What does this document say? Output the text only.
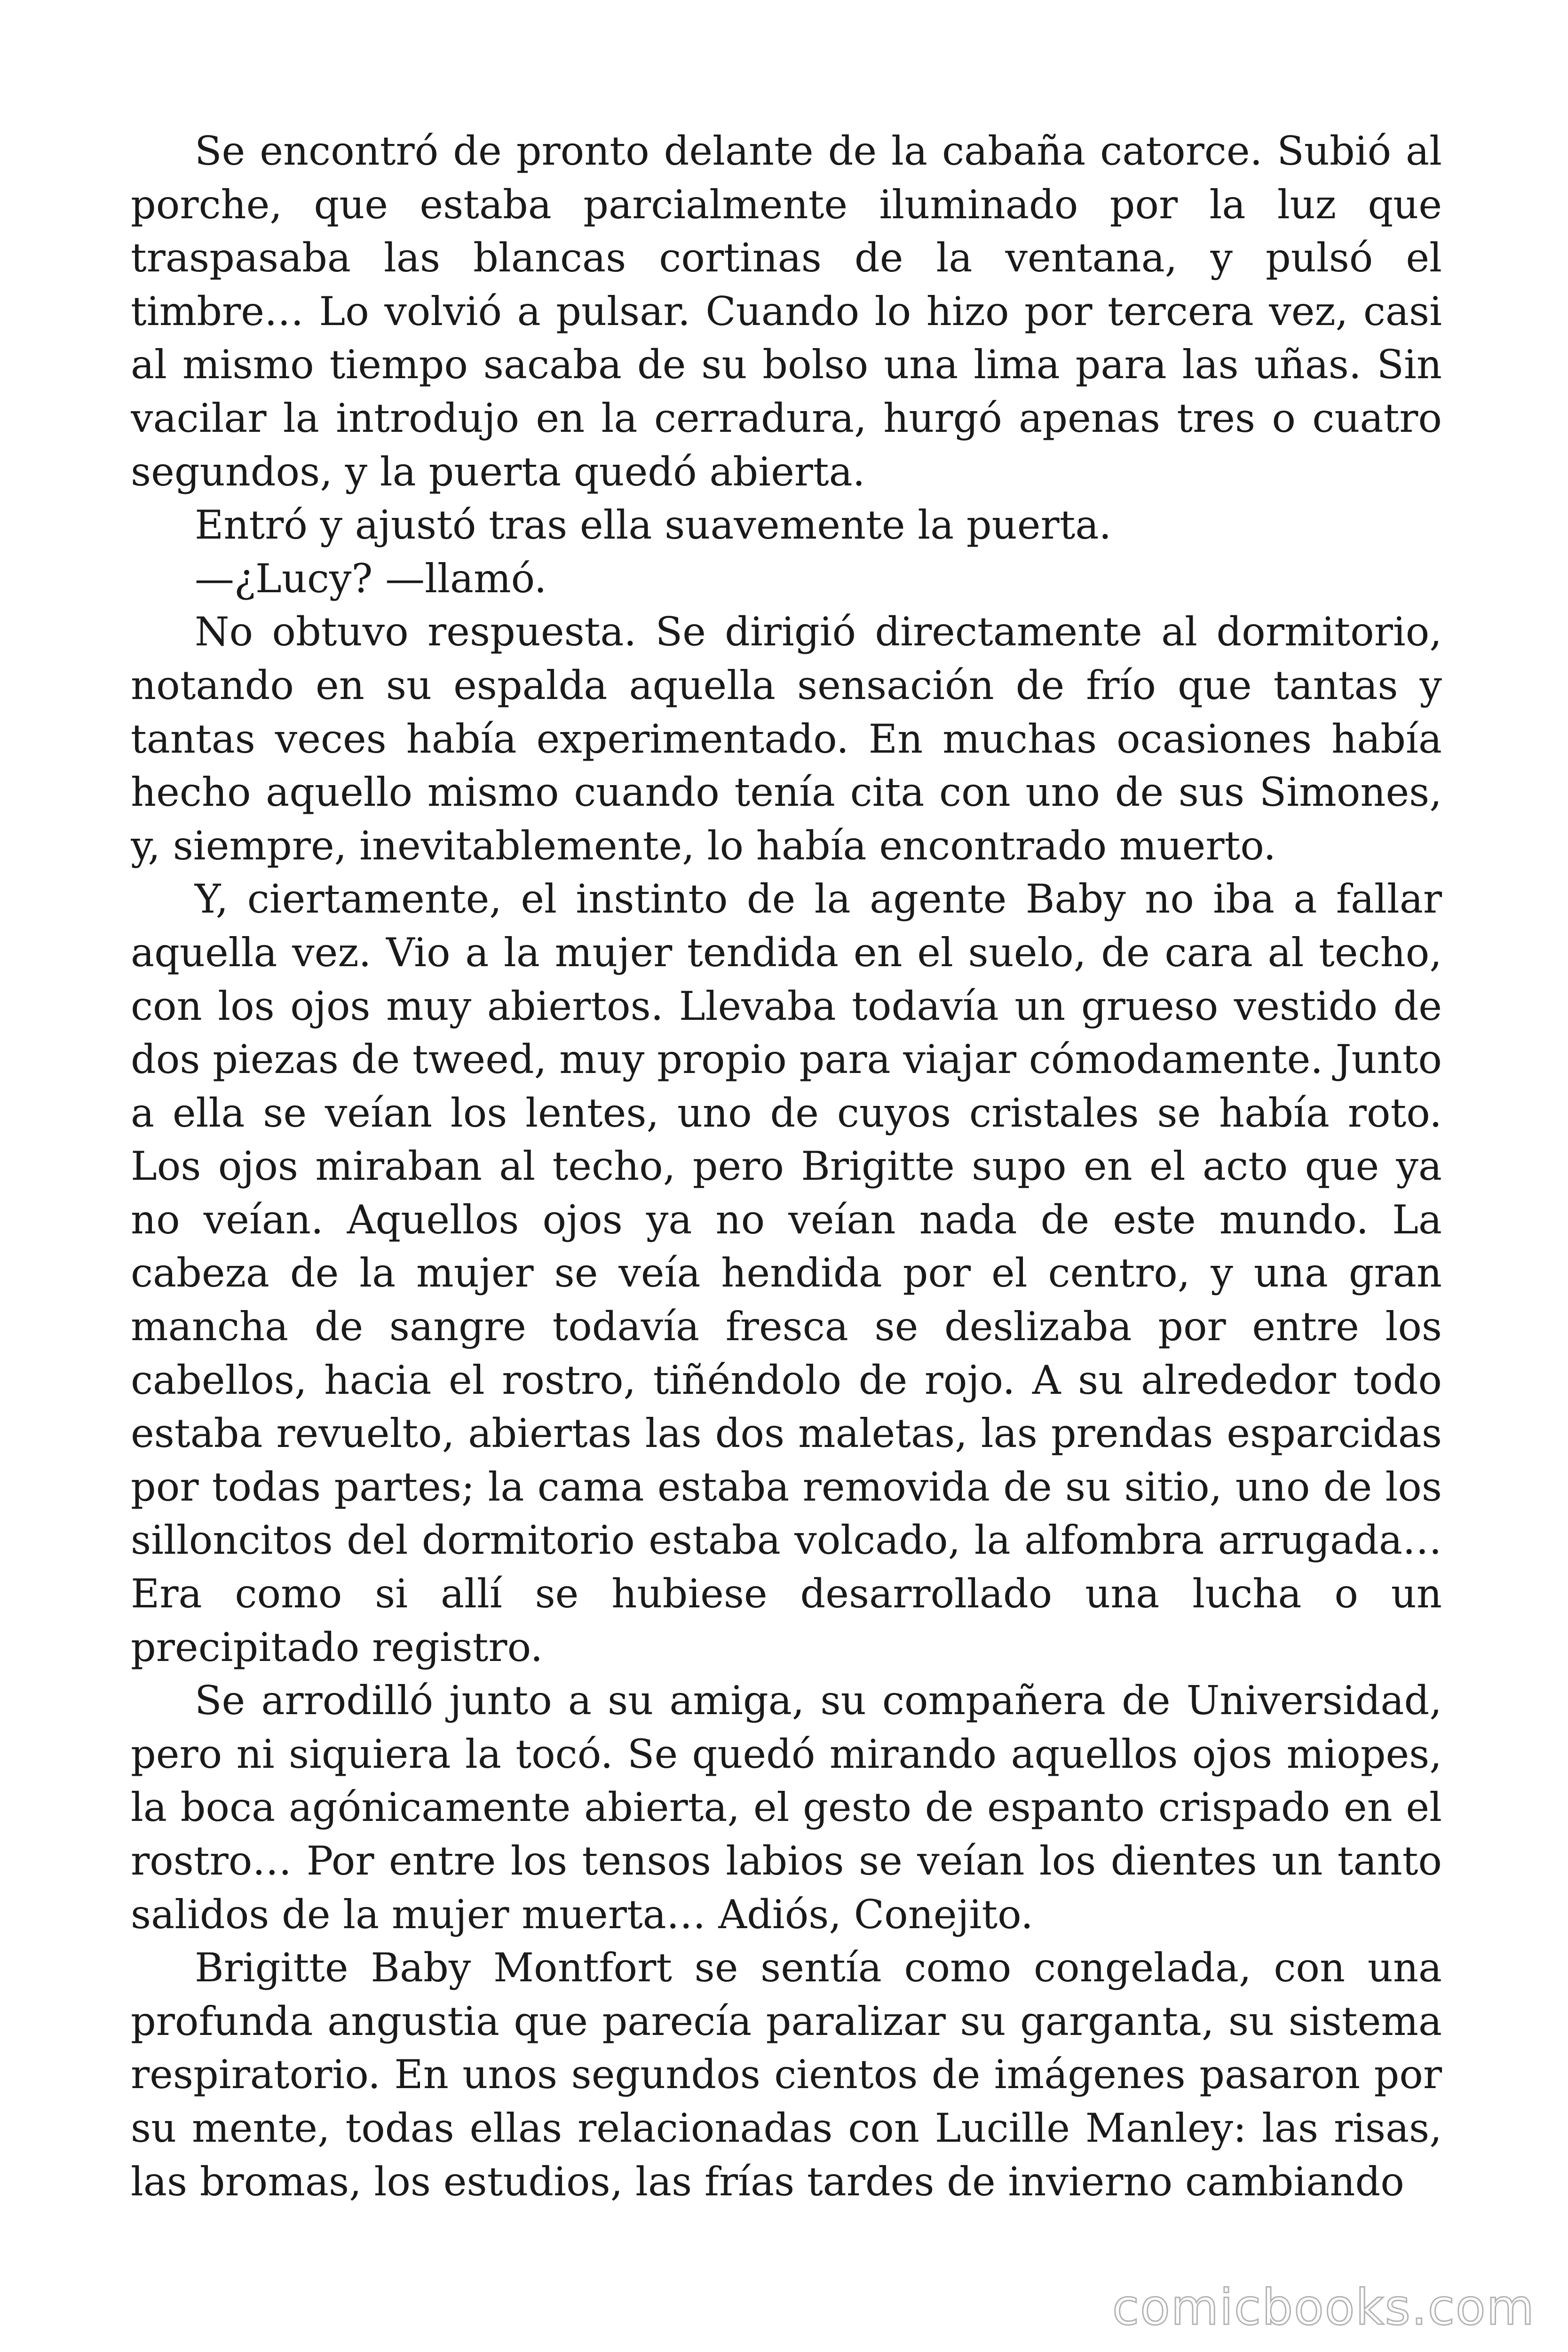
Se encontró de pronto delante de la cabaña catorce. Subió al porche, que estaba parcialmente iluminado por la luz que traspasaba las blancas cortinas de la ventana, y pulsó el timbre… Lo volvió a pulsar. Cuando lo hizo por tercera vez, casi al mismo tiempo sacaba de su bolso una lima para las uñas. Sin vacilar la introdujo en la cerradura, hurgó apenas tres o cuatro segundos, y la puerta quedó abierta.

Entró y ajustó tras ella suavemente la puerta.

—¿Lucy? —llamó.

No obtuvo respuesta. Se dirigió directamente al dormitorio, notando en su espalda aquella sensación de frío que tantas y tantas veces había experimentado. En muchas ocasiones había hecho aquello mismo cuando tenía cita con uno de sus Simones, y, siempre, inevitablemente, lo había encontrado muerto.

Y, ciertamente, el instinto de la agente Baby no iba a fallar aquella vez. Vio a la mujer tendida en el suelo, de cara al techo, con los ojos muy abiertos. Llevaba todavía un grueso vestido de dos piezas de tweed, muy propio para viajar cómodamente. Junto a ella se veían los lentes, uno de cuyos cristales se había roto. Los ojos miraban al techo, pero Brigitte supo en el acto que ya no veían. Aquellos ojos ya no veían nada de este mundo. La cabeza de la mujer se veía hendida por el centro, y una gran mancha de sangre todavía fresca se deslizaba por entre los cabellos, hacia el rostro, tiñéndolo de rojo. A su alrededor todo estaba revuelto, abiertas las dos maletas, las prendas esparcidas por todas partes; la cama estaba removida de su sitio, uno de los silloncitos del dormitorio estaba volcado, la alfombra arrugada… Era como si allí se hubiese desarrollado una lucha o un precipitado registro.

Se arrodilló junto a su amiga, su compañera de Universidad, pero ni siquiera la tocó. Se quedó mirando aquellos ojos miopes, la boca agónicamente abierta, el gesto de espanto crispado en el rostro… Por entre los tensos labios se veían los dientes un tanto salidos de la mujer muerta… Adiós, Conejito.

Brigitte Baby Montfort se sentía como congelada, con una profunda angustia que parecía paralizar su garganta, su sistema respiratorio. En unos segundos cientos de imágenes pasaron por su mente, todas ellas relacionadas con Lucille Manley: las risas, las bromas, los estudios, las frías tardes de invierno cambiando

comicbooks.com
